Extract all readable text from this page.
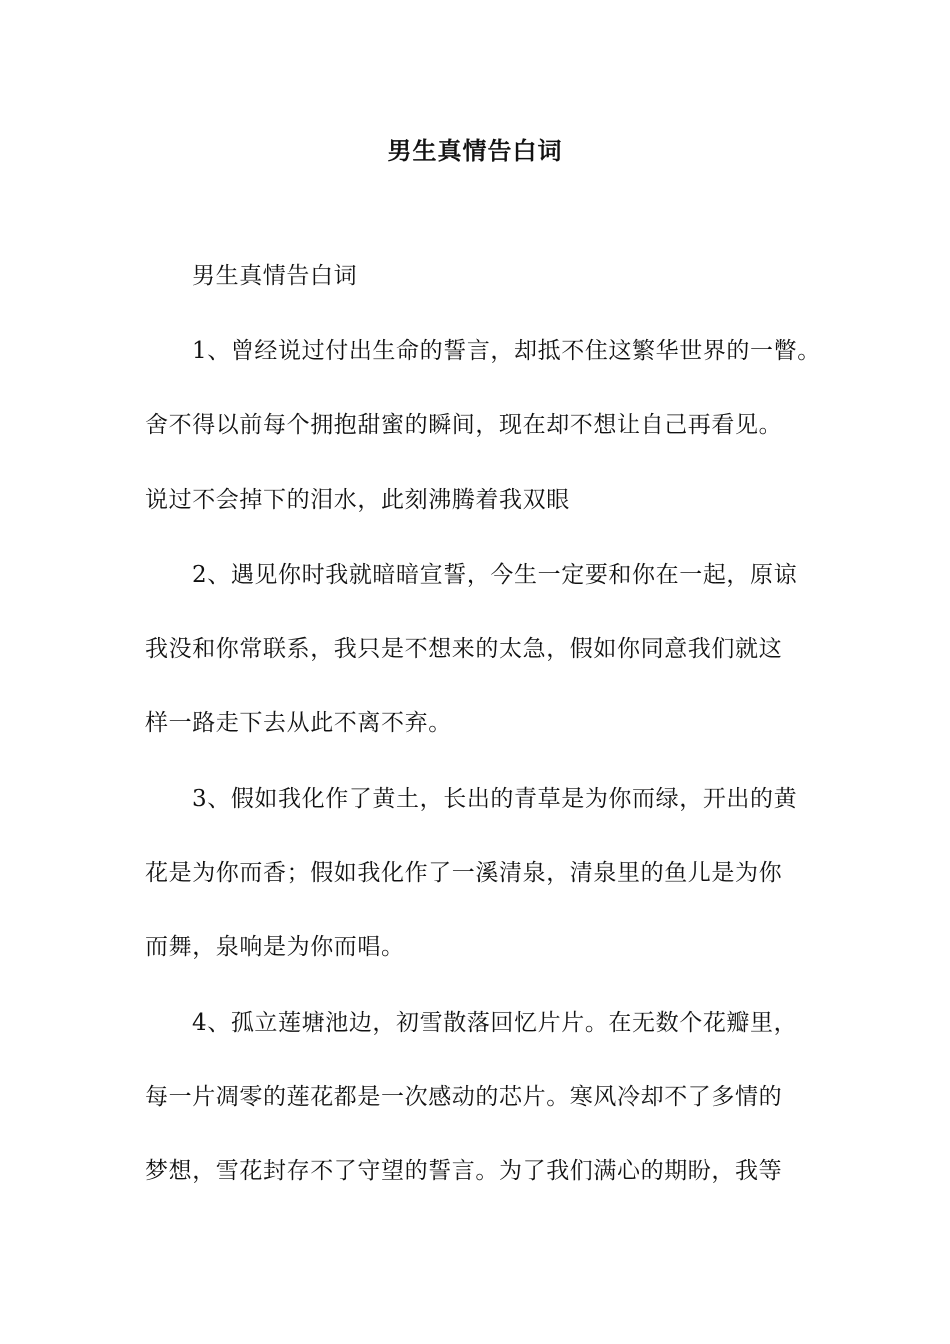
男生真情告白词
男生真情告白词
1、曾经说过付出生命的誓言，却抵不住这繁华世界的一瞥。
舍不得以前每个拥抱甜蜜的瞬间，现在却不想让自己再看见。
说过不会掉下的泪水，此刻沸腾着我双眼
2、遇见你时我就暗暗宣誓，今生一定要和你在一起，原谅
我没和你常联系，我只是不想来的太急，假如你同意我们就这
样一路走下去从此不离不弃。
3、假如我化作了黄土，长出的青草是为你而绿，开出的黄
花是为你而香；假如我化作了一溪清泉，清泉里的鱼儿是为你
而舞，泉响是为你而唱。
4、孤立莲塘池边，初雪散落回忆片片。在无数个花瓣里，
每一片凋零的莲花都是一次感动的芯片。寒风冷却不了多情的
梦想，雪花封存不了守望的誓言。为了我们满心的期盼，我等
